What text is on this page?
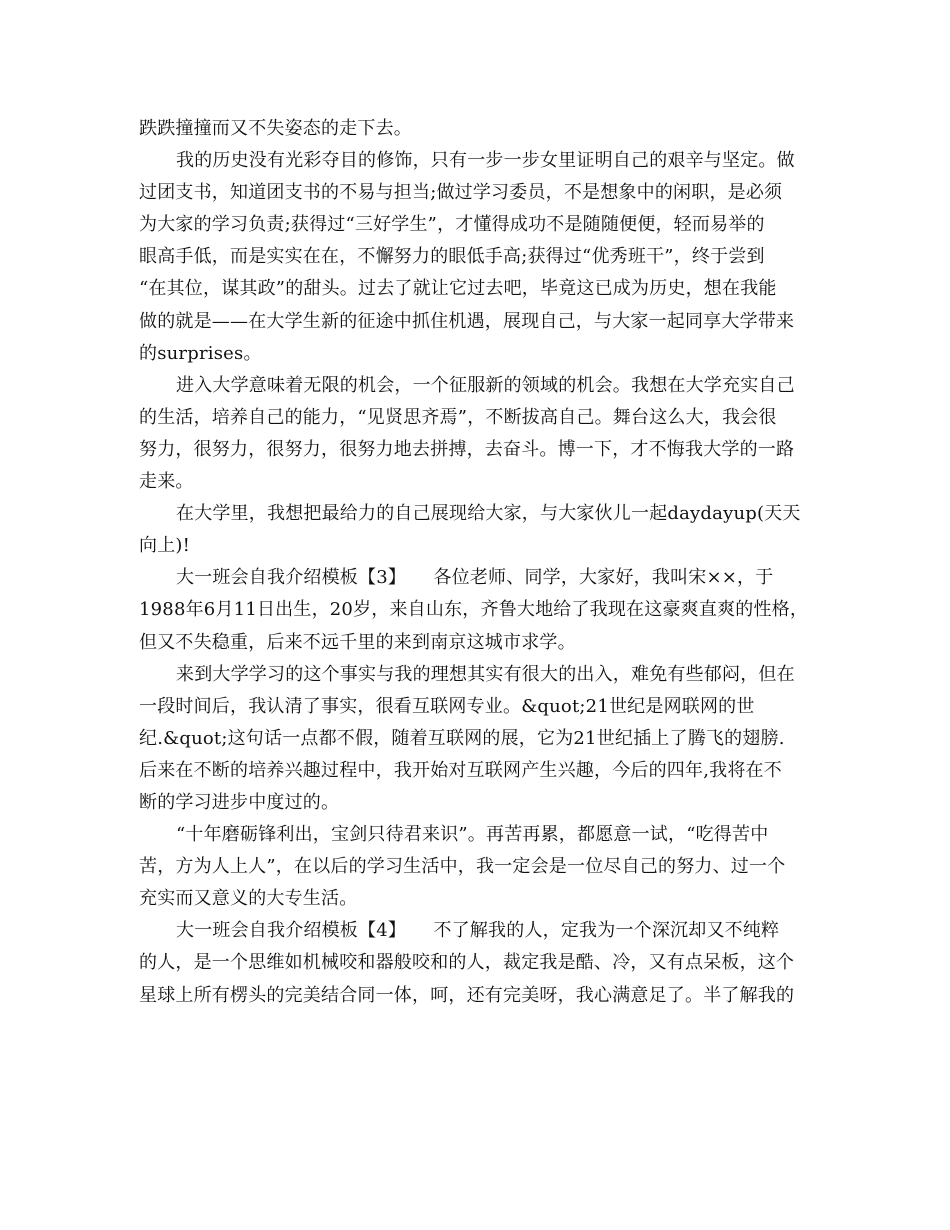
跌跌撞撞而又不失姿态的走下去。
我的历史没有光彩夺目的修饰，只有一步一步女里证明自己的艰辛与坚定。做
过团支书，知道团支书的不易与担当;做过学习委员，不是想象中的闲职，是必须
为大家的学习负责;获得过“三好学生”，才懂得成功不是随随便便，轻而易举的
眼高手低，而是实实在在，不懈努力的眼低手高;获得过“优秀班干”，终于尝到
“在其位，谋其政”的甜头。过去了就让它过去吧，毕竟这已成为历史，想在我能
做的就是——在大学生新的征途中抓住机遇，展现自己，与大家一起同享大学带来
的surprises。
进入大学意味着无限的机会，一个征服新的领域的机会。我想在大学充实自己
的生活，培养自己的能力，“见贤思齐焉”，不断拔高自己。舞台这么大，我会很
努力，很努力，很努力，很努力地去拼搏，去奋斗。博一下，才不悔我大学的一路
走来。
在大学里，我想把最给力的自己展现给大家，与大家伙儿一起daydayup(天天
向上)!
大一班会自我介绍模板【3】　　各位老师、同学，大家好，我叫宋××，于
1988年6月11日出生，20岁，来自山东，齐鲁大地给了我现在这豪爽直爽的性格，
但又不失稳重，后来不远千里的来到南京这城市求学。
来到大学学习的这个事实与我的理想其实有很大的出入，难免有些郁闷，但在
一段时间后，我认清了事实，很看互联网专业。&quot;21世纪是网联网的世
纪.&quot;这句话一点都不假，随着互联网的展，它为21世纪插上了腾飞的翅膀.
后来在不断的培养兴趣过程中，我开始对互联网产生兴趣，今后的四年,我将在不
断的学习进步中度过的。
“十年磨砺锋利出，宝剑只待君来识”。再苦再累，都愿意一试，“吃得苦中
苦，方为人上人”，在以后的学习生活中，我一定会是一位尽自己的努力、过一个
充实而又意义的大专生活。
大一班会自我介绍模板【4】　　不了解我的人，定我为一个深沉却又不纯粹
的人，是一个思维如机械咬和器般咬和的人，裁定我是酷、冷，又有点呆板，这个
星球上所有楞头的完美结合同一体，呵，还有完美呀，我心满意足了。半了解我的
